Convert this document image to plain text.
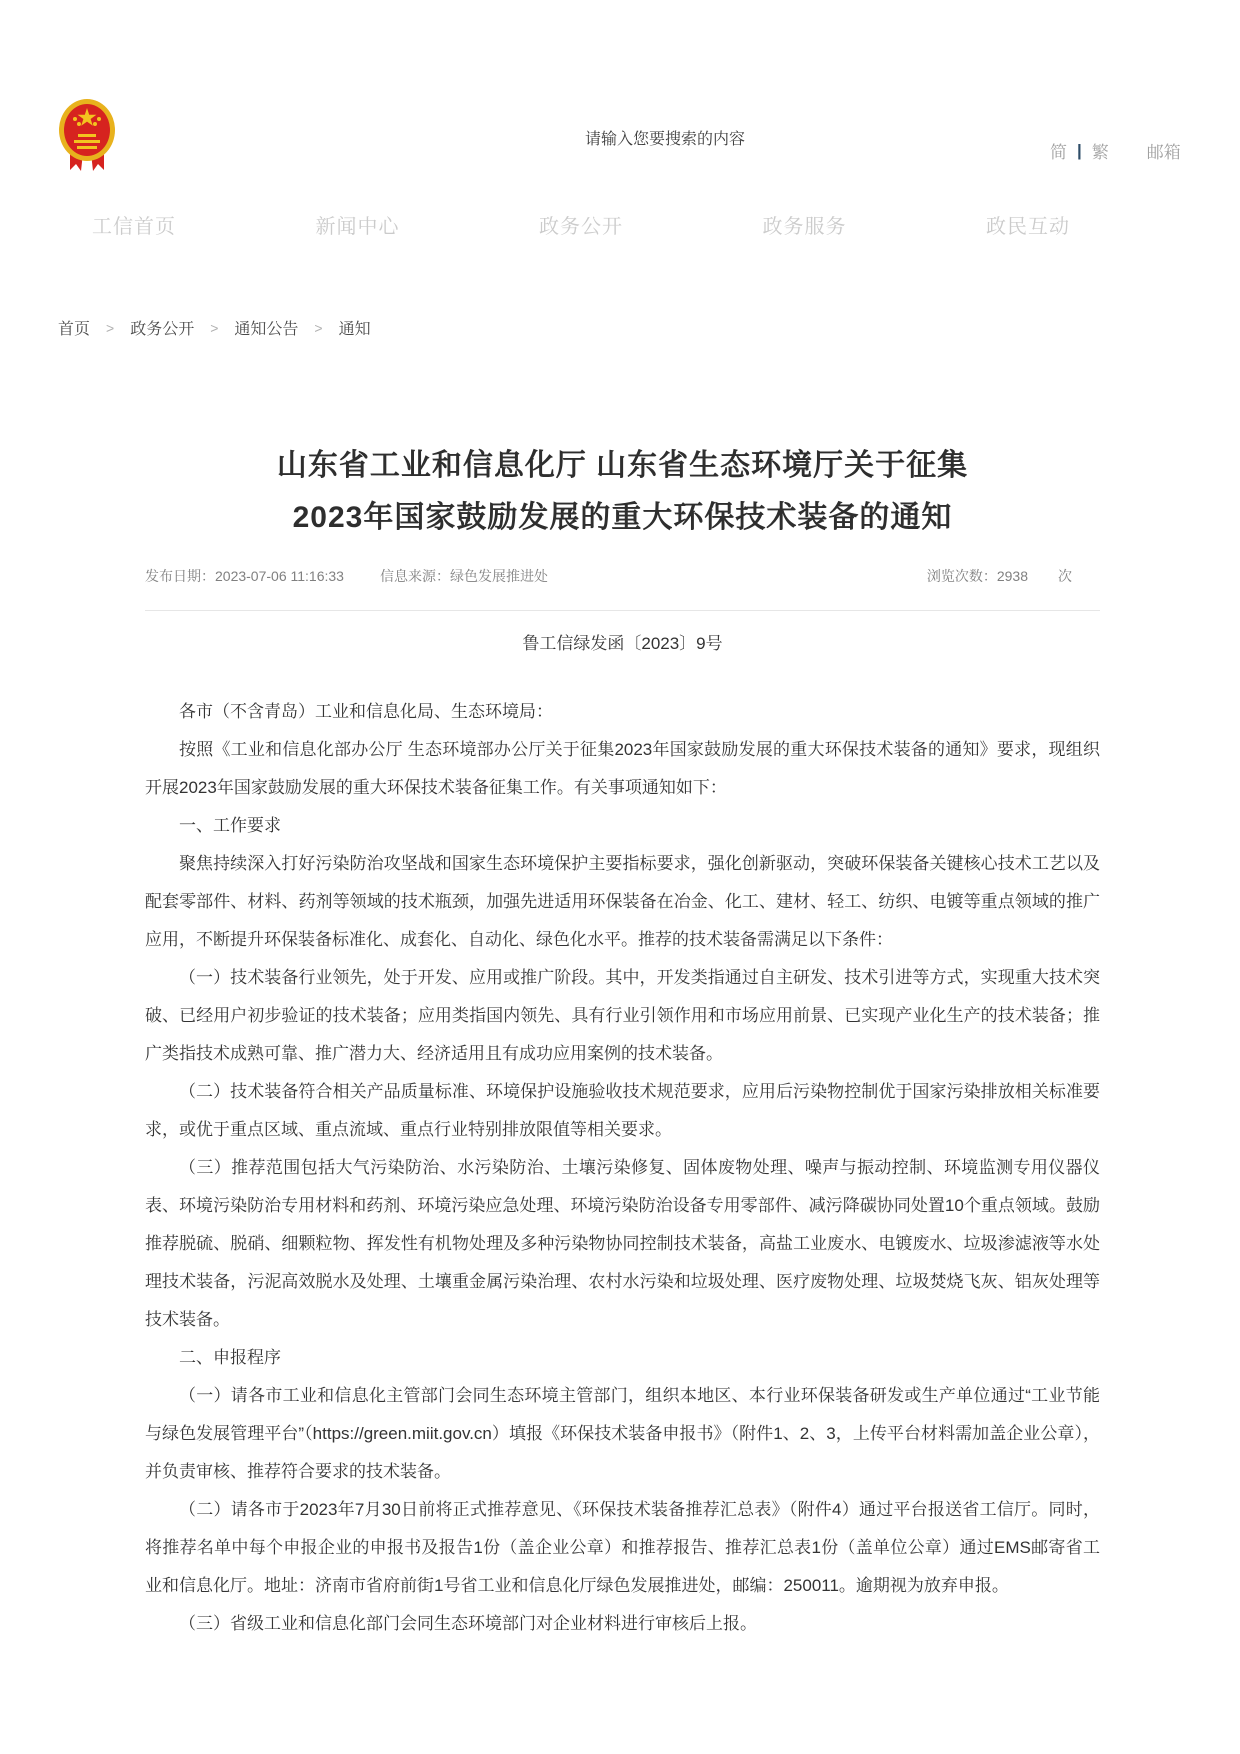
请输入您要搜索的内容
简 | 繁 邮箱
工信首页	新闻中心	政务公开	政务服务	政民互动
首页 > 政务公开 > 通知公告 > 通知
山东省工业和信息化厅 山东省生态环境厅关于征集
2023年国家鼓励发展的重大环保技术装备的通知
发布日期： 2023-07-06 11:16:33	信息来源： 绿色发展推进处	浏览次数： 2938 次
鲁工信绿发函〔2023〕9号

各市（不含青岛）工业和信息化局、生态环境局：

按照《工业和信息化部办公厅 生态环境部办公厅关于征集2023年国家鼓励发展的重大环保技术装备的通知》要求，现组织开展2023年国家鼓励发展的重大环保技术装备征集工作。有关事项通知如下：

一、工作要求

聚焦持续深入打好污染防治攻坚战和国家生态环境保护主要指标要求，强化创新驱动，突破环保装备关键核心技术工艺以及配套零部件、材料、药剂等领域的技术瓶颈，加强先进适用环保装备在冶金、化工、建材、轻工、纺织、电镀等重点领域的推广应用，不断提升环保装备标准化、成套化、自动化、绿色化水平。推荐的技术装备需满足以下条件：

（一）技术装备行业领先，处于开发、应用或推广阶段。其中，开发类指通过自主研发、技术引进等方式，实现重大技术突破、已经用户初步验证的技术装备；应用类指国内领先、具有行业引领作用和市场应用前景、已实现产业化生产的技术装备；推广类指技术成熟可靠、推广潜力大、经济适用且有成功应用案例的技术装备。

（二）技术装备符合相关产品质量标准、环境保护设施验收技术规范要求，应用后污染物控制优于国家污染排放相关标准要求，或优于重点区域、重点流域、重点行业特别排放限值等相关要求。

（三）推荐范围包括大气污染防治、水污染防治、土壤污染修复、固体废物处理、噪声与振动控制、环境监测专用仪器仪表、环境污染防治专用材料和药剂、环境污染应急处理、环境污染防治设备专用零部件、减污降碳协同处置10个重点领域。鼓励推荐脱硫、脱硝、细颗粒物、挥发性有机物处理及多种污染物协同控制技术装备，高盐工业废水、电镀废水、垃圾渗滤液等水处理技术装备，污泥高效脱水及处理、土壤重金属污染治理、农村水污染和垃圾处理、医疗废物处理、垃圾焚烧飞灰、铝灰处理等技术装备。

二、申报程序

（一）请各市工业和信息化主管部门会同生态环境主管部门，组织本地区、本行业环保装备研发或生产单位通过“工业节能与绿色发展管理平台”（https://green.miit.gov.cn）填报《环保技术装备申报书》（附件1、2、3，上传平台材料需加盖企业公章），并负责审核、推荐符合要求的技术装备。

（二）请各市于2023年7月30日前将正式推荐意见、《环保技术装备推荐汇总表》（附件4）通过平台报送省工信厅。同时，将推荐名单中每个申报企业的申报书及报告1份（盖企业公章）和推荐报告、推荐汇总表1份（盖单位公章）通过EMS邮寄省工业和信息化厅。地址：济南市省府前街1号省工业和信息化厅绿色发展推进处，邮编：250011。逾期视为放弃申报。

（三）省级工业和信息化部门会同生态环境部门对企业材料进行审核后上报。
